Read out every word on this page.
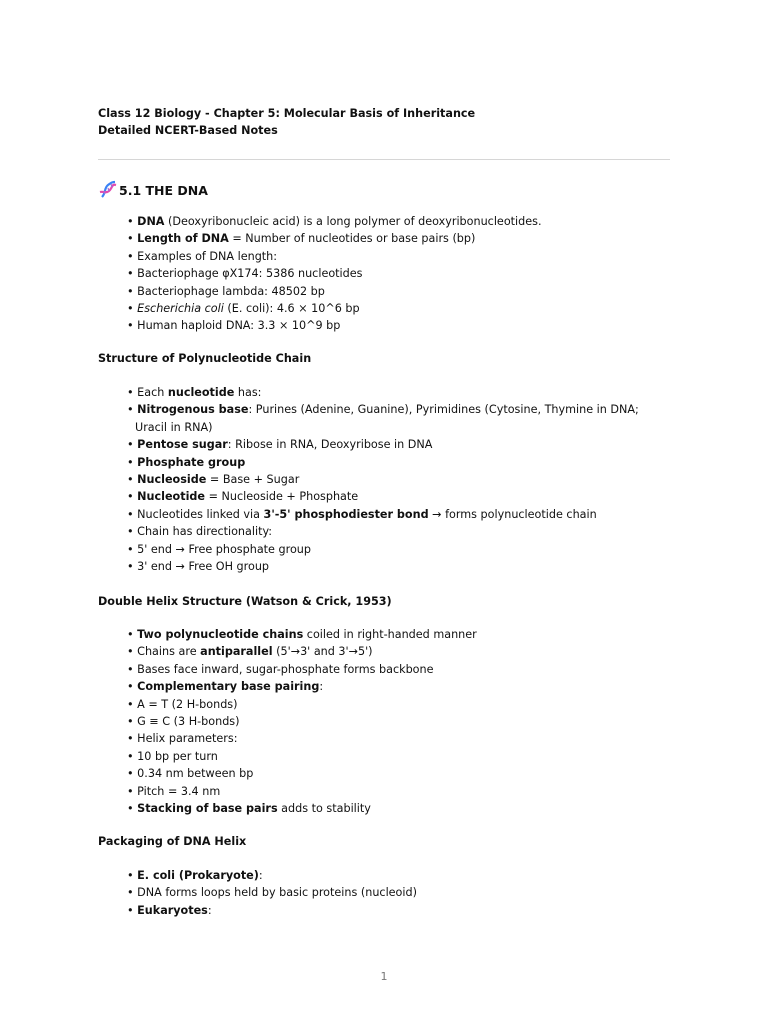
Class 12 Biology - Chapter 5: Molecular Basis of Inheritance
Detailed NCERT-Based Notes
5.1 THE DNA
• DNA (Deoxyribonucleic acid) is a long polymer of deoxyribonucleotides.
• Length of DNA = Number of nucleotides or base pairs (bp)
• Examples of DNA length:
• Bacteriophage φX174: 5386 nucleotides
• Bacteriophage lambda: 48502 bp
• Escherichia coli (E. coli): 4.6 × 10^6 bp
• Human haploid DNA: 3.3 × 10^9 bp
Structure of Polynucleotide Chain
• Each nucleotide has:
• Nitrogenous base: Purines (Adenine, Guanine), Pyrimidines (Cytosine, Thymine in DNA; Uracil in RNA)
• Pentose sugar: Ribose in RNA, Deoxyribose in DNA
• Phosphate group
• Nucleoside = Base + Sugar
• Nucleotide = Nucleoside + Phosphate
• Nucleotides linked via 3'-5' phosphodiester bond → forms polynucleotide chain
• Chain has directionality:
• 5' end → Free phosphate group
• 3' end → Free OH group
Double Helix Structure (Watson & Crick, 1953)
• Two polynucleotide chains coiled in right-handed manner
• Chains are antiparallel (5'→3' and 3'→5')
• Bases face inward, sugar-phosphate forms backbone
• Complementary base pairing:
• A = T (2 H-bonds)
• G ≡ C (3 H-bonds)
• Helix parameters:
• 10 bp per turn
• 0.34 nm between bp
• Pitch = 3.4 nm
• Stacking of base pairs adds to stability
Packaging of DNA Helix
• E. coli (Prokaryote):
• DNA forms loops held by basic proteins (nucleoid)
• Eukaryotes:
1
